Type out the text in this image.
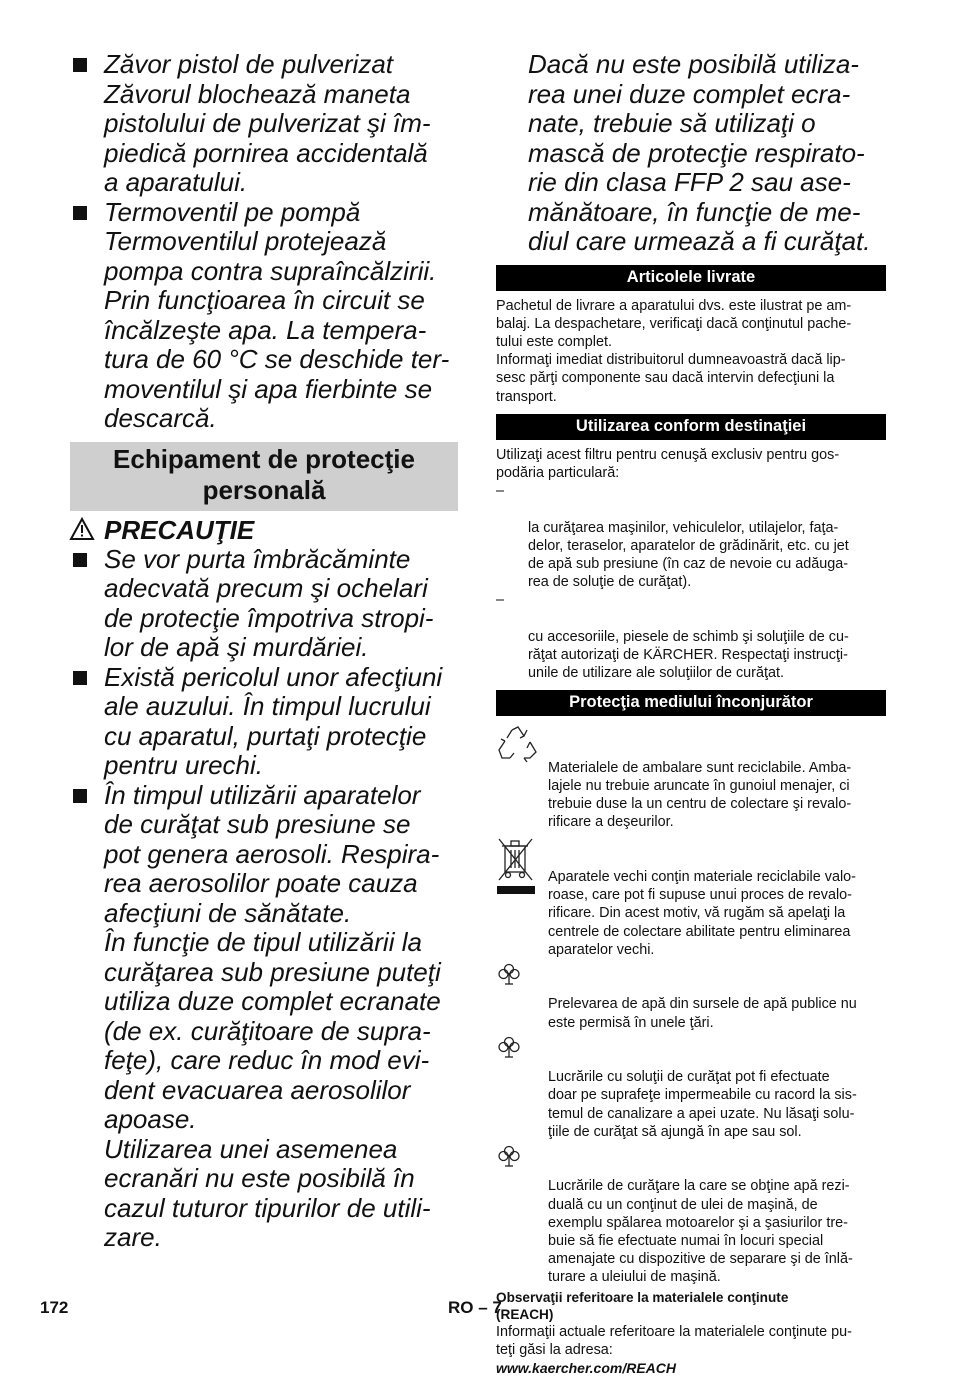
Zăvor pistol de pulverizat
Zăvorul blochează maneta
pistolului de pulverizat şi îm-
piedică pornirea accidentală
a aparatului.

Termoventil pe pompă
Termoventilul protejează
pompa contra supraîncălzirii.
Prin funcţioarea în circuit se
încălzeşte apa. La tempera-
tura de 60 °C se deschide ter-
moventilul şi apa fierbinte se
descarcă.

Echipament de protecţie
personală
PRECAUŢIE

Se vor purta îmbrăcăminte
adecvată precum şi ochelari
de protecţie împotriva stropi-
lor de apă şi murdăriei.

Există pericolul unor afecţiuni
ale auzului. În timpul lucrului
cu aparatul, purtaţi protecţie
pentru urechi.

În timpul utilizării aparatelor
de curăţat sub presiune se
pot genera aerosoli. Respira-
rea aerosolilor poate cauza
afecţiuni de sănătate.
În funcţie de tipul utilizării la
curăţarea sub presiune puteţi
utiliza duze complet ecranate
(de ex. curăţitoare de supra-
feţe), care reduc în mod evi-
dent evacuarea aerosolilor
apoase.
Utilizarea unei asemenea
ecranări nu este posibilă în
cazul tuturor tipurilor de utili-
zare.

Dacă nu este posibilă utiliza-
rea unei duze complet ecra-
nate, trebuie să utilizaţi o
mască de protecţie respirato-
rie din clasa FFP 2 sau ase-
mănătoare, în funcţie de me-
diul care urmează a fi curăţat.
Articolele livrate
Pachetul de livrare a aparatului dvs. este ilustrat pe am-
balaj. La despachetare, verificaţi dacă conţinutul pache-
tului este complet.
Informaţi imediat distribuitorul dumneavoastră dacă lip-
sesc părţi componente sau dacă intervin defecţiuni la
transport.
Utilizarea conform destinaţiei
Utilizaţi acest filtru pentru cenuşă exclusiv pentru gos-
podăria particulară:

–

la curăţarea maşinilor, vehiculelor, utilajelor, faţa-
delor, teraselor, aparatelor de grădinărit, etc. cu jet
de apă sub presiune (în caz de nevoie cu adăuga-
rea de soluţie de curăţat).

–

cu accesoriile, piesele de schimb şi soluţiile de cu-
răţat autorizaţi de KÄRCHER. Respectaţi instrucţi-
unile de utilizare ale soluţiilor de curăţat.

Protecţia mediului înconjurător

Materialele de ambalare sunt reciclabile. Amba-
lajele nu trebuie aruncate în gunoiul menajer, ci
trebuie duse la un centru de colectare şi revalo-
rificare a deşeurilor.

Aparatele vechi conţin materiale reciclabile valo-
roase, care pot fi supuse unui proces de revalo-
rificare. Din acest motiv, vă rugăm să apelaţi la
centrele de colectare abilitate pentru eliminarea
aparatelor vechi.

Prelevarea de apă din sursele de apă publice nu
este permisă în unele ţări.

Lucrările cu soluţii de curăţat pot fi efectuate
doar pe suprafeţe impermeabile cu racord la sis-
temul de canalizare a apei uzate. Nu lăsaţi solu-
ţiile de curăţat să ajungă în ape sau sol.

Lucrările de curăţare la care se obţine apă rezi-
duală cu un conţinut de ulei de maşină, de
exemplu spălarea motoarelor şi a şasiurilor tre-
buie să fie efectuate numai în locuri special
amenajate cu dispozitive de separare şi de înlă-
turare a uleiului de maşină.

Observaţii referitoare la materialele conţinute
(REACH)
Informaţii actuale referitoare la materialele conţinute pu-
teţi găsi la adresa:
www.kaercher.com/REACH
172	RO – 7
